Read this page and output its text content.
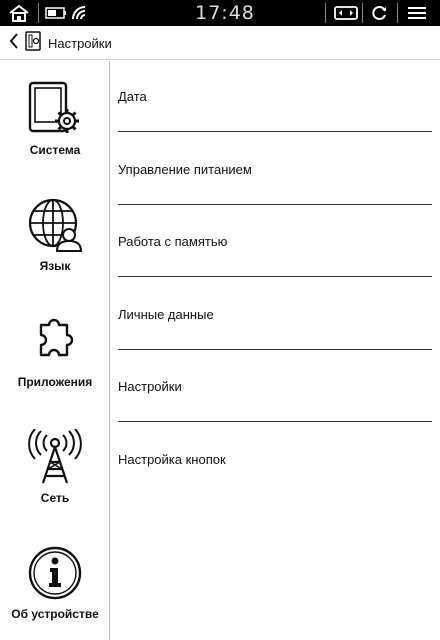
17:48
Настройки
Система
Язык
Приложения
Сеть
Об устройстве
Дата
Управление питанием
Работа с памятью
Личные данные
Настройки
Настройка кнопок
